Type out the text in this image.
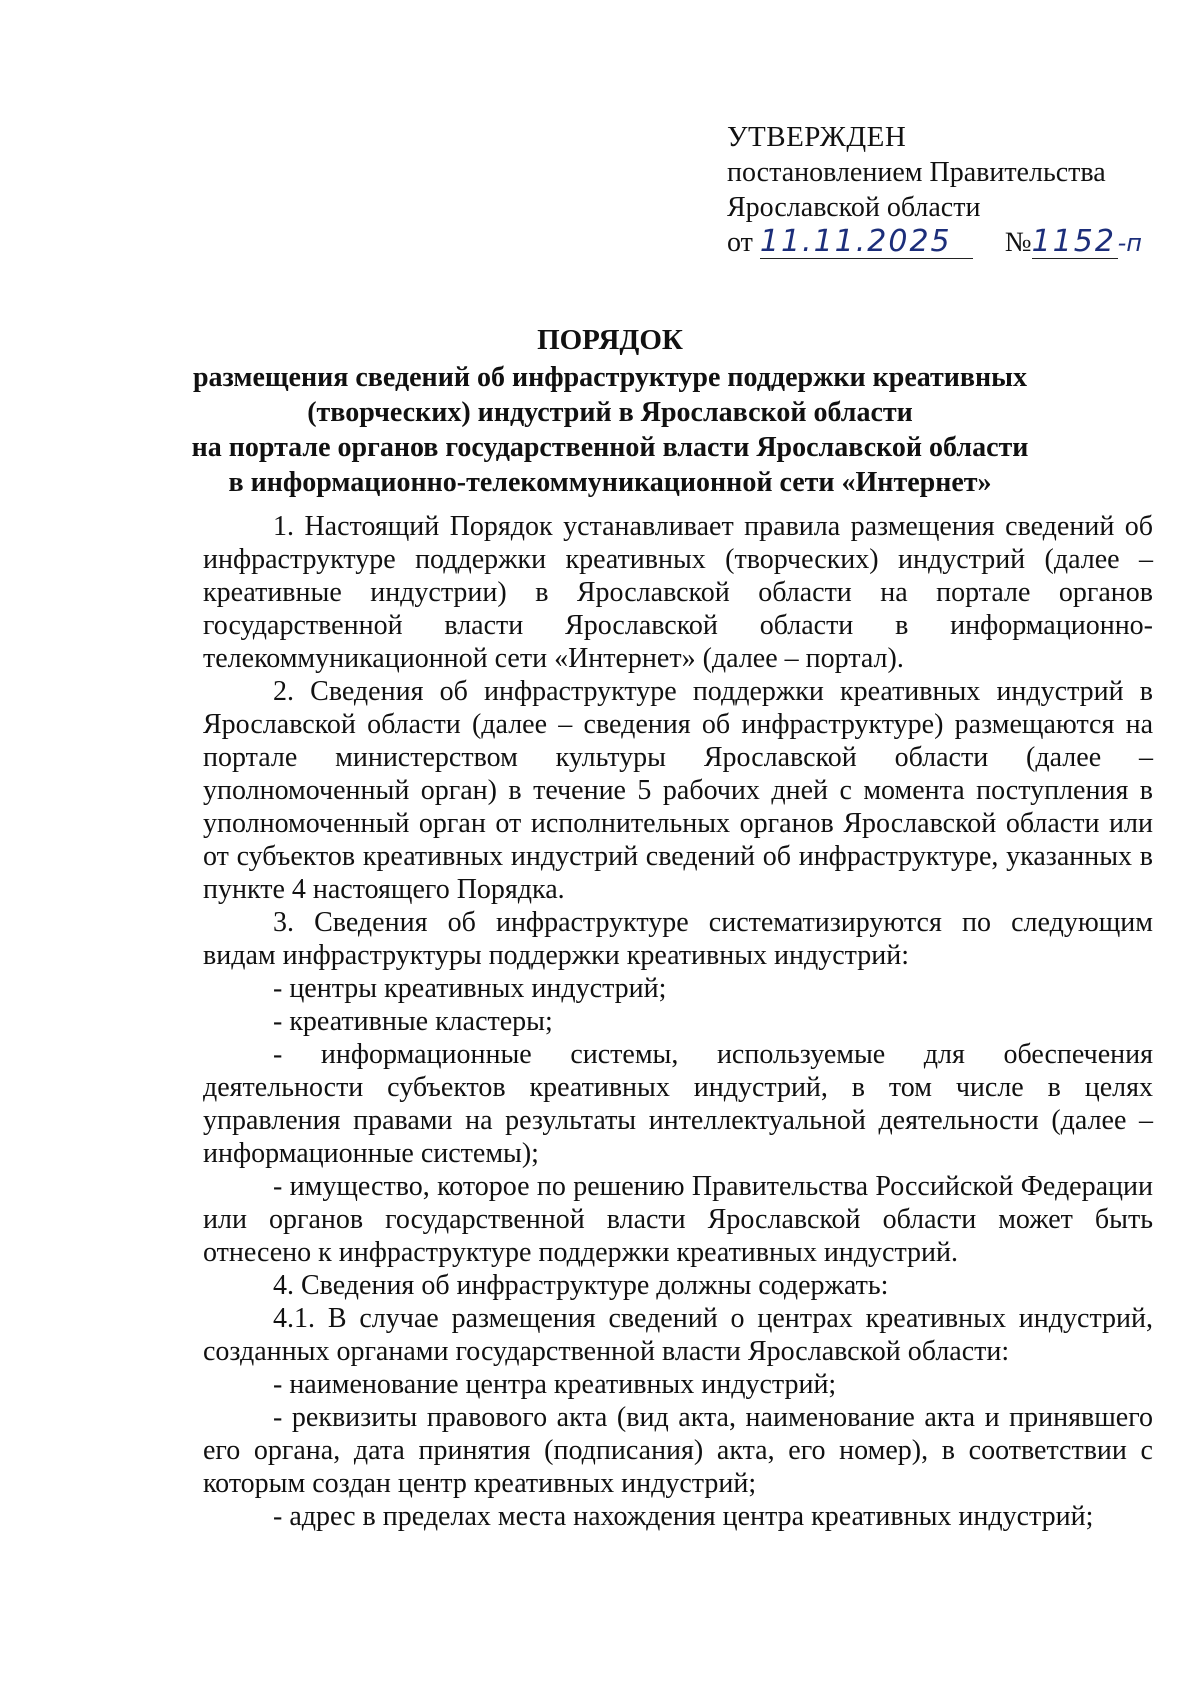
УТВЕРЖДЕН
постановлением Правительства
Ярославской области
от 11.11.2025 №1152-п
ПОРЯДОК
размещения сведений об инфраструктуре поддержки креативных
(творческих) индустрий в Ярославской области
на портале органов государственной власти Ярославской области
в информационно-телекоммуникационной сети «Интернет»

1. Настоящий Порядок устанавливает правила размещения сведений об инфраструктуре поддержки креативных (творческих) индустрий (далее – креативные индустрии) в Ярославской области на портале органов государственной власти Ярославской области в информационно-телекоммуникационной сети «Интернет» (далее – портал).

2. Сведения об инфраструктуре поддержки креативных индустрий в Ярославской области (далее – сведения об инфраструктуре) размещаются на портале министерством культуры Ярославской области (далее – уполномоченный орган) в течение 5 рабочих дней с момента поступления в уполномоченный орган от исполнительных органов Ярославской области или от субъектов креативных индустрий сведений об инфраструктуре, указанных в пункте 4 настоящего Порядка.

3. Сведения об инфраструктуре систематизируются по следующим видам инфраструктуры поддержки креативных индустрий:

- центры креативных индустрий;

- креативные кластеры;

- информационные системы, используемые для обеспечения деятельности субъектов креативных индустрий, в том числе в целях управления правами на результаты интеллектуальной деятельности (далее – информационные системы);

- имущество, которое по решению Правительства Российской Федерации или органов государственной власти Ярославской области может быть отнесено к инфраструктуре поддержки креативных индустрий.

4. Сведения об инфраструктуре должны содержать:

4.1. В случае размещения сведений о центрах креативных индустрий, созданных органами государственной власти Ярославской области:

- наименование центра креативных индустрий;

- реквизиты правового акта (вид акта, наименование акта и принявшего его органа, дата принятия (подписания) акта, его номер), в соответствии с которым создан центр креативных индустрий;

- адрес в пределах места нахождения центра креативных индустрий;
